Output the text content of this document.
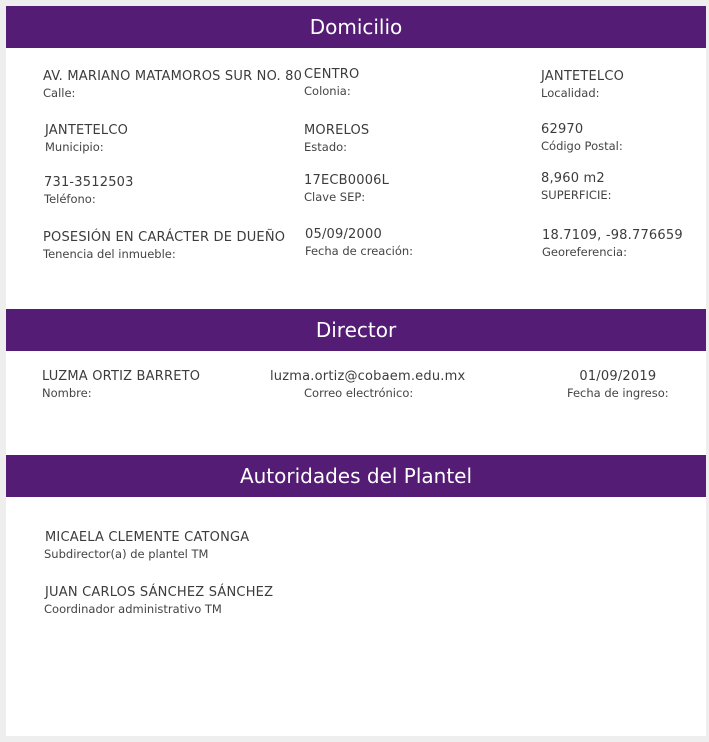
Domicilio
AV. MARIANO MATAMOROS SUR NO. 80
Calle:
CENTRO
Colonia:
JANTETELCO
Localidad:
JANTETELCO
Municipio:
MORELOS
Estado:
62970
Código Postal:
731-3512503
Teléfono:
17ECB0006L
Clave SEP:
8,960 m2
SUPERFICIE:
POSESIÓN EN CARÁCTER DE DUEÑO
Tenencia del inmueble:
05/09/2000
Fecha de creación:
18.7109, -98.776659
Georeferencia:
Director
LUZMA ORTIZ BARRETO
Nombre:
luzma.ortiz@cobaem.edu.mx
Correo electrónico:
01/09/2019
Fecha de ingreso:
Autoridades del Plantel
MICAELA CLEMENTE CATONGA
Subdirector(a) de plantel TM
JUAN CARLOS SÁNCHEZ SÁNCHEZ
Coordinador administrativo TM
